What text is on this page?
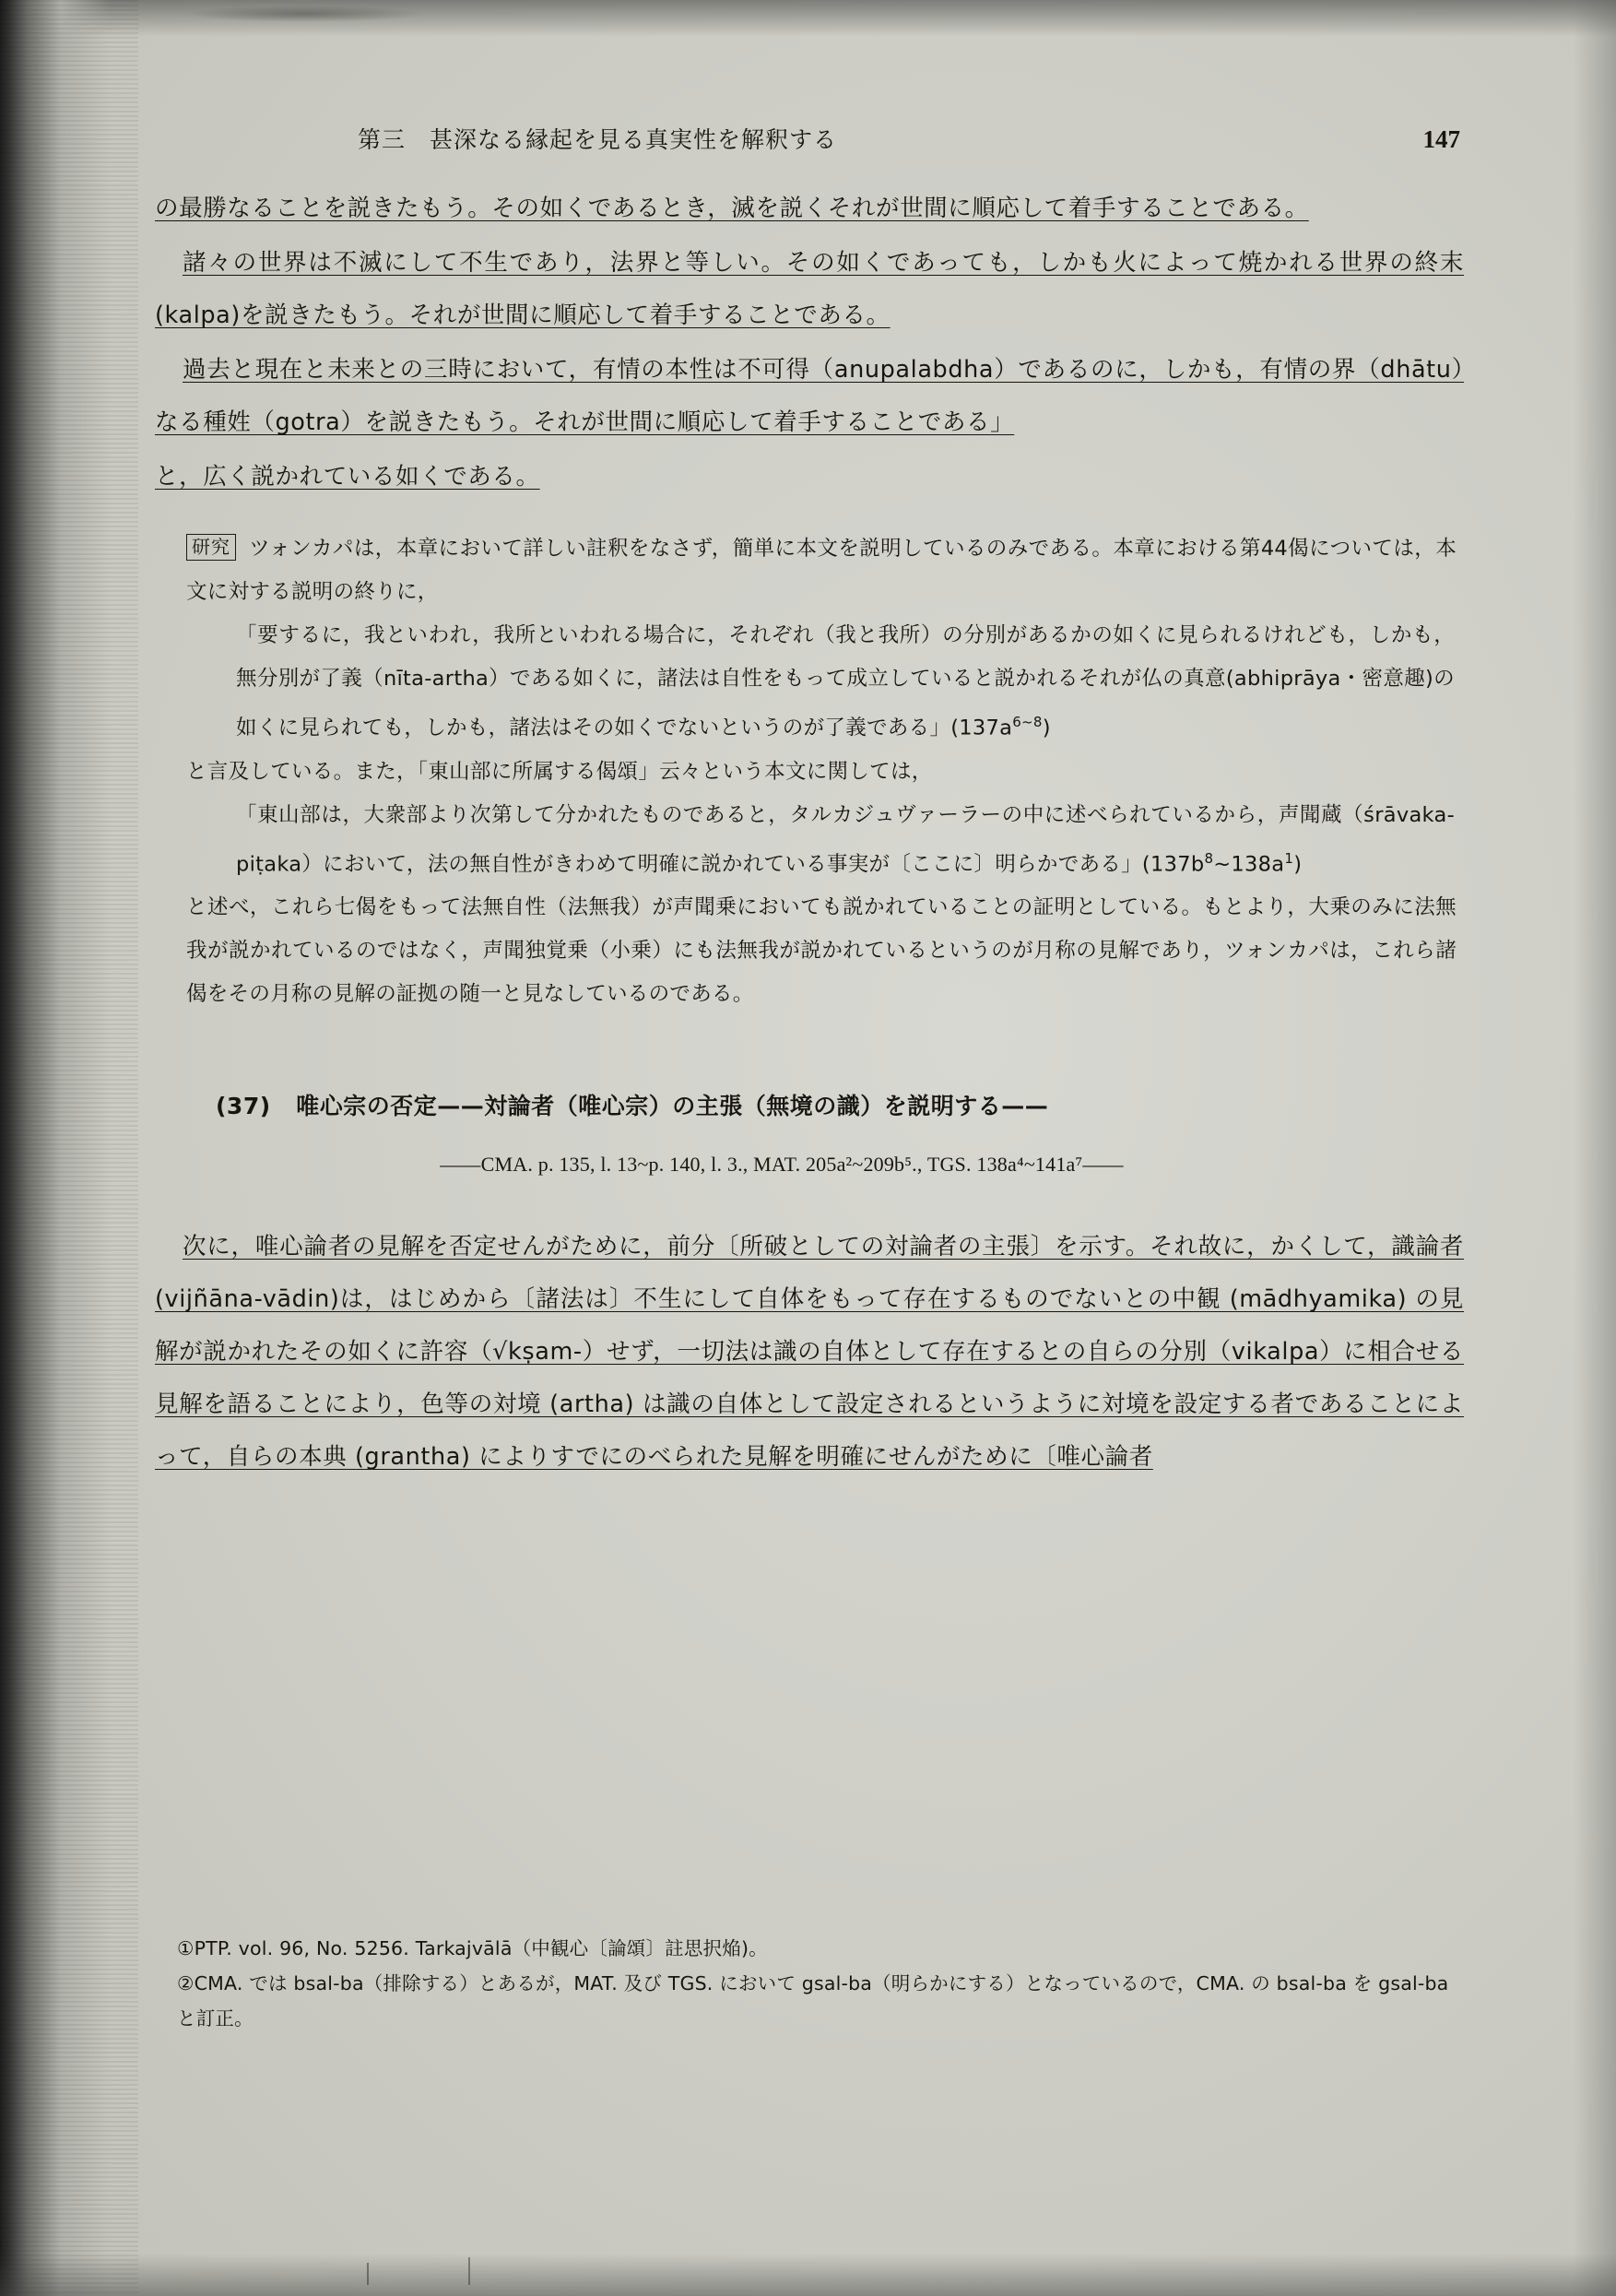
第三　甚深なる縁起を見る真実性を解釈する	147

の最勝なることを説きたもう。その如くであるとき，滅を説くそれが世間に順応して着手することである。

諸々の世界は不滅にして不生であり，法界と等しい。その如くであっても，しかも火によって焼かれる世界の終末(kalpa)を説きたもう。それが世間に順応して着手することである。

過去と現在と未来との三時において，有情の本性は不可得（anupalabdha）であるのに，しかも，有情の界（dhātu）なる種姓（gotra）を説きたもう。それが世間に順応して着手することである」

と，広く説かれている如くである。

研究 ツォンカパは，本章において詳しい註釈をなさず，簡単に本文を説明しているのみである。本章における第44偈については，本文に対する説明の終りに，

「要するに，我といわれ，我所といわれる場合に，それぞれ（我と我所）の分別があるかの如くに見られるけれども，しかも，無分別が了義（nīta-artha）である如くに，諸法は自性をもって成立していると説かれるそれが仏の真意(abhiprāya・密意趣)の如くに見られても，しかも，諸法はその如くでないというのが了義である」$(137a^{6\sim 8})$

と言及している。また，「東山部に所属する偈頌」云々という本文に関しては，

「東山部は，大衆部より次第して分かれたものであると，タルカジュヴァーラーの中に述べられているから，声聞蔵（śrāvaka-piṭaka）において，法の無自性がきわめて明確に説かれている事実が〔ここに〕明らかである」$(137b^8\sim 138a^1)$

と述べ，これら七偈をもって法無自性（法無我）が声聞乗においても説かれていることの証明としている。もとより，大乗のみに法無我が説かれているのではなく，声聞独覚乗（小乗）にも法無我が説かれているというのが月称の見解であり，ツォンカパは，これら諸偈をその月称の見解の証拠の随一と見なしているのである。

(37) 唯心宗の否定——対論者（唯心宗）の主張（無境の識）を説明する——
——CMA. p. 135, l. 13~p. 140, l. 3., MAT. 205a²~209b⁵., TGS. 138a⁴~141a⁷——

次に，唯心論者の見解を否定せんがために，前分〔所破としての対論者の主張〕を示す。それ故に，かくして，識論者(vijñāna-vādin)は，はじめから〔諸法は〕不生にして自体をもって存在するものでないとの中観 (mādhyamika) の見解が説かれたその如くに許容（√kṣam-）せず，一切法は識の自体として存在するとの自らの分別（vikalpa）に相合せる見解を語ることにより，色等の対境 (artha) は識の自体として設定されるというように対境を設定する者であることによって，自らの本典 (grantha) によりすでにのべられた見解を明確にせんがために〔唯心論者

①PTP. vol. 96, No. 5256. Tarkajvālā（中観心〔論頌〕註思択焔)。

②CMA. では bsal-ba（排除する）とあるが，MAT. 及び TGS. において gsal-ba（明らかにする）となっているので，CMA. の bsal-ba を gsal-ba と訂正。
